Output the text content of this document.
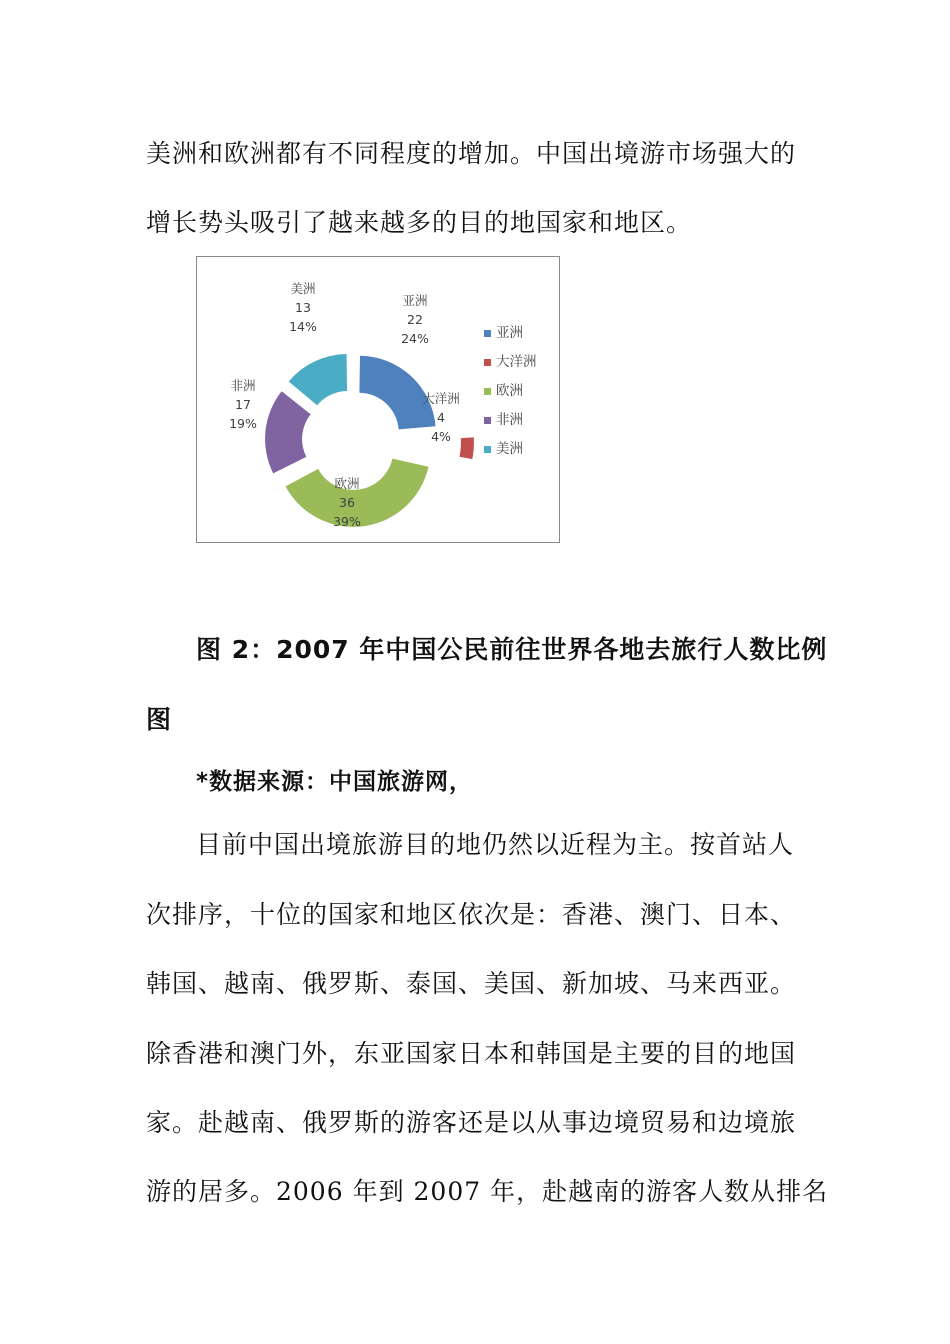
美洲和欧洲都有不同程度的增加。中国出境游市场强大的
增长势头吸引了越来越多的目的地国家和地区。
亚洲
22
24%
大洋洲
4
4%
欧洲
36
39%
非洲
17
19%
美洲
13
14%	亚洲
大洋洲
欧洲
非洲
美洲
图 2：2007 年中国公民前往世界各地去旅行人数比例
图
*数据来源：中国旅游网，
目前中国出境旅游目的地仍然以近程为主。按首站人
次排序，十位的国家和地区依次是：香港、澳门、日本、
韩国、越南、俄罗斯、泰国、美国、新加坡、马来西亚。
除香港和澳门外，东亚国家日本和韩国是主要的目的地国
家。赴越南、俄罗斯的游客还是以从事边境贸易和边境旅
游的居多。2006 年到 2007 年，赴越南的游客人数从排名
